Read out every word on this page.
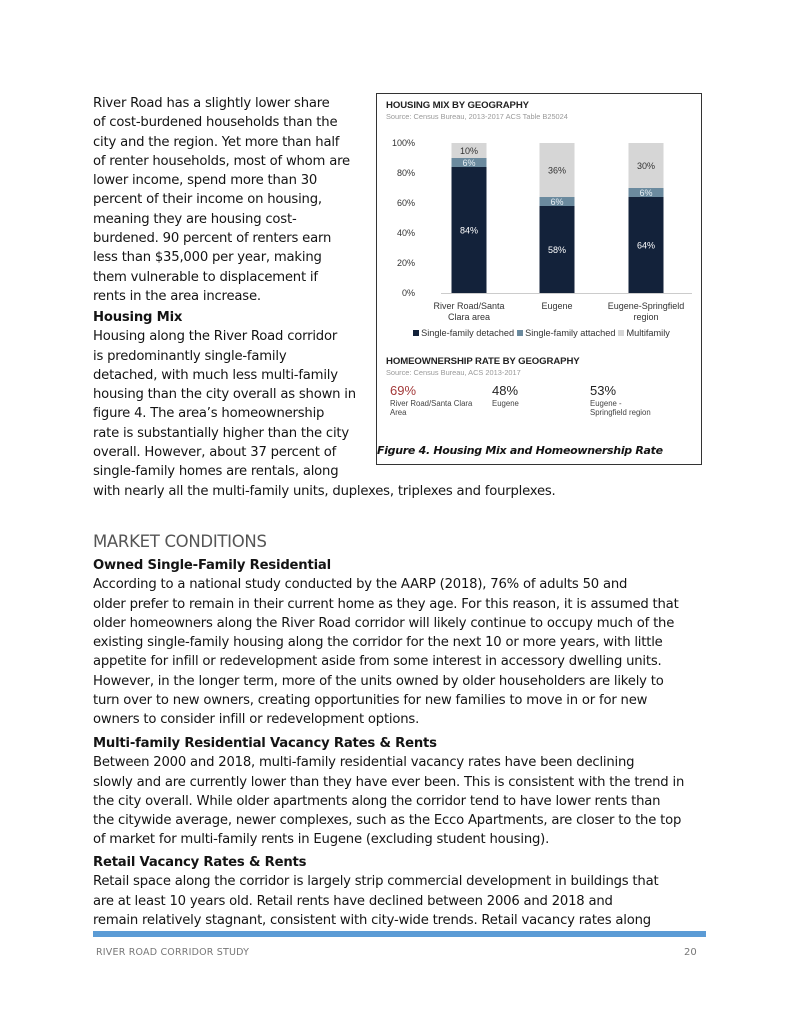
River Road has a slightly lower share
of cost-burdened households than the
city and the region. Yet more than half
of renter households, most of whom are
lower income, spend more than 30
percent of their income on housing,
meaning they are housing cost-
burdened. 90 percent of renters earn
less than $35,000 per year, making
them vulnerable to displacement if
rents in the area increase.

Housing Mix

Housing along the River Road corridor
is predominantly single-family
detached, with much less multi-family
housing than the city overall as shown in
figure 4. The area’s homeownership
rate is substantially higher than the city
overall. However, about 37 percent of
single-family homes are rentals, along
with nearly all the multi-family units, duplexes, triplexes and fourplexes.
HOUSING MIX BY GEOGRAPHY
Source: Census Bureau, 2013-2017 ACS Table B25024
0%
20%
40%
60%
80%
100%
84%
6%
10%
River Road/Santa
Clara area
58%
6%
36%
Eugene
64%
6%
30%
Eugene-Springfield
region
Single-family detached Single-family attached Multifamily
HOMEOWNERSHIP RATE BY GEOGRAPHY
Source: Census Bureau, ACS 2013-2017
69%
River Road/Santa Clara
Area
48%
Eugene
53%
Eugene -
Springfield region
Figure 4. Housing Mix and Homeownership Rate
MARKET CONDITIONS
Owned Single-Family Residential
According to a national study conducted by the AARP (2018), 76% of adults 50 and
older prefer to remain in their current home as they age. For this reason, it is assumed that
older homeowners along the River Road corridor will likely continue to occupy much of the
existing single-family housing along the corridor for the next 10 or more years, with little
appetite for infill or redevelopment aside from some interest in accessory dwelling units.
However, in the longer term, more of the units owned by older householders are likely to
turn over to new owners, creating opportunities for new families to move in or for new
owners to consider infill or redevelopment options.
Multi-family Residential Vacancy Rates & Rents
Between 2000 and 2018, multi-family residential vacancy rates have been declining
slowly and are currently lower than they have ever been. This is consistent with the trend in
the city overall. While older apartments along the corridor tend to have lower rents than
the citywide average, newer complexes, such as the Ecco Apartments, are closer to the top
of market for multi-family rents in Eugene (excluding student housing).
Retail Vacancy Rates & Rents
Retail space along the corridor is largely strip commercial development in buildings that
are at least 10 years old. Retail rents have declined between 2006 and 2018 and
remain relatively stagnant, consistent with city-wide trends. Retail vacancy rates along
RIVER ROAD CORRIDOR STUDY	20
